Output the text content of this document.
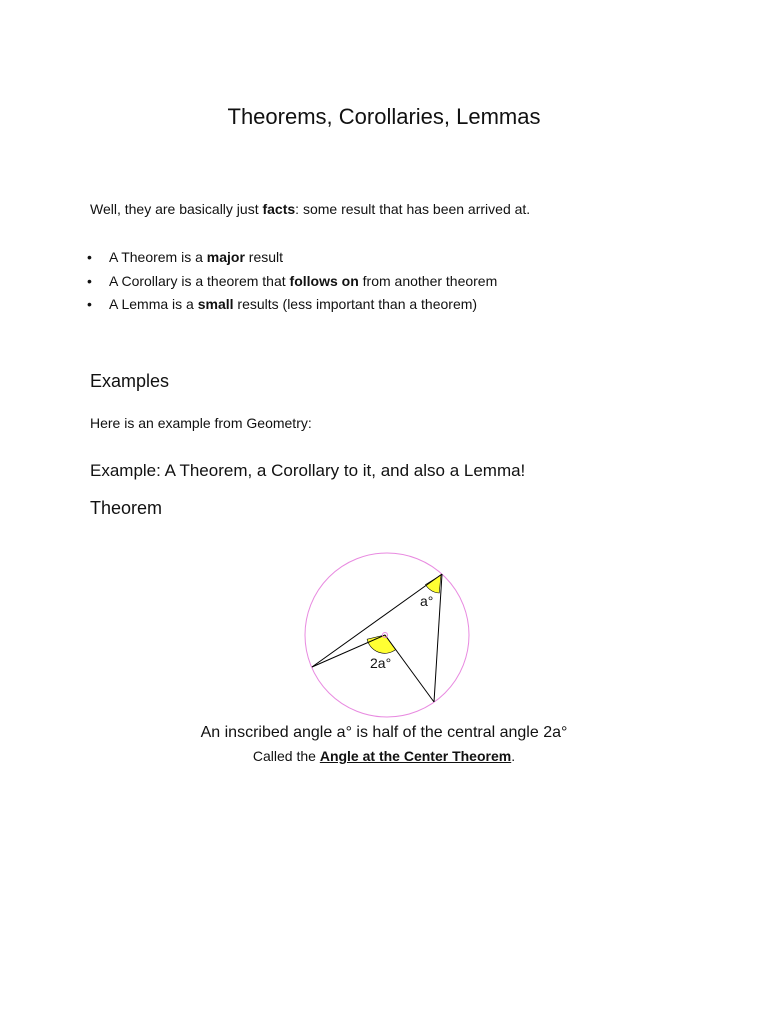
Theorems, Corollaries, Lemmas

Well, they are basically just facts: some result that has been arrived at.

• A Theorem is a major result
• A Corollary is a theorem that follows on from another theorem
• A Lemma is a small results (less important than a theorem)
Examples

Here is an example from Geometry:

Example: A Theorem, a Corollary to it, and also a Lemma!
Theorem
a°
2a°

An inscribed angle a° is half of the central angle 2a°

Called the Angle at the Center Theorem.
